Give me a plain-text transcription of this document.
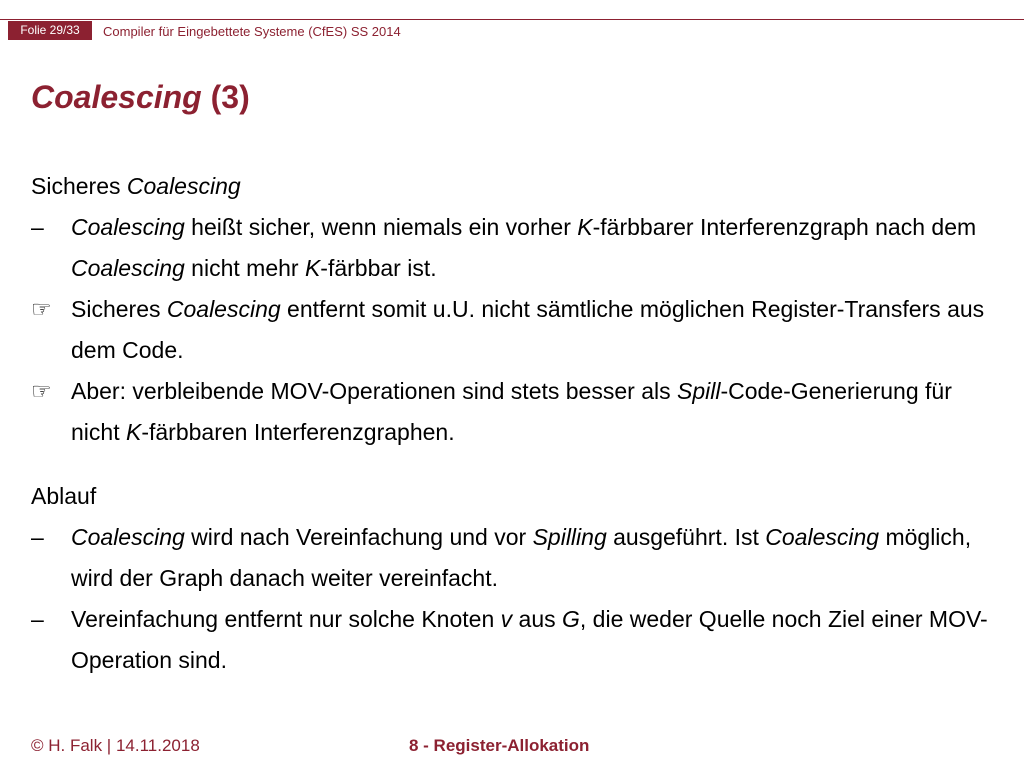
Folie 29/33	Compiler für Eingebettete Systeme (CfES) SS 2014
Coalescing (3)
Sicheres Coalescing
–	Coalescing heißt sicher, wenn niemals ein vorher K-färbbarer Interferenzgraph nach dem Coalescing nicht mehr K-färbbar ist.
☞ Sicheres Coalescing entfernt somit u.U. nicht sämtliche möglichen Register-Transfers aus dem Code.
☞ Aber: verbleibende MOV-Operationen sind stets besser als Spill-Code-Generierung für nicht K-färbbaren Interferenzgraphen.
Ablauf
–	Coalescing wird nach Vereinfachung und vor Spilling ausgeführt. Ist Coalescing möglich, wird der Graph danach weiter vereinfacht.
–	Vereinfachung entfernt nur solche Knoten v aus G, die weder Quelle noch Ziel einer MOV-Operation sind.
© H. Falk | 14.11.2018	8 - Register-Allokation
